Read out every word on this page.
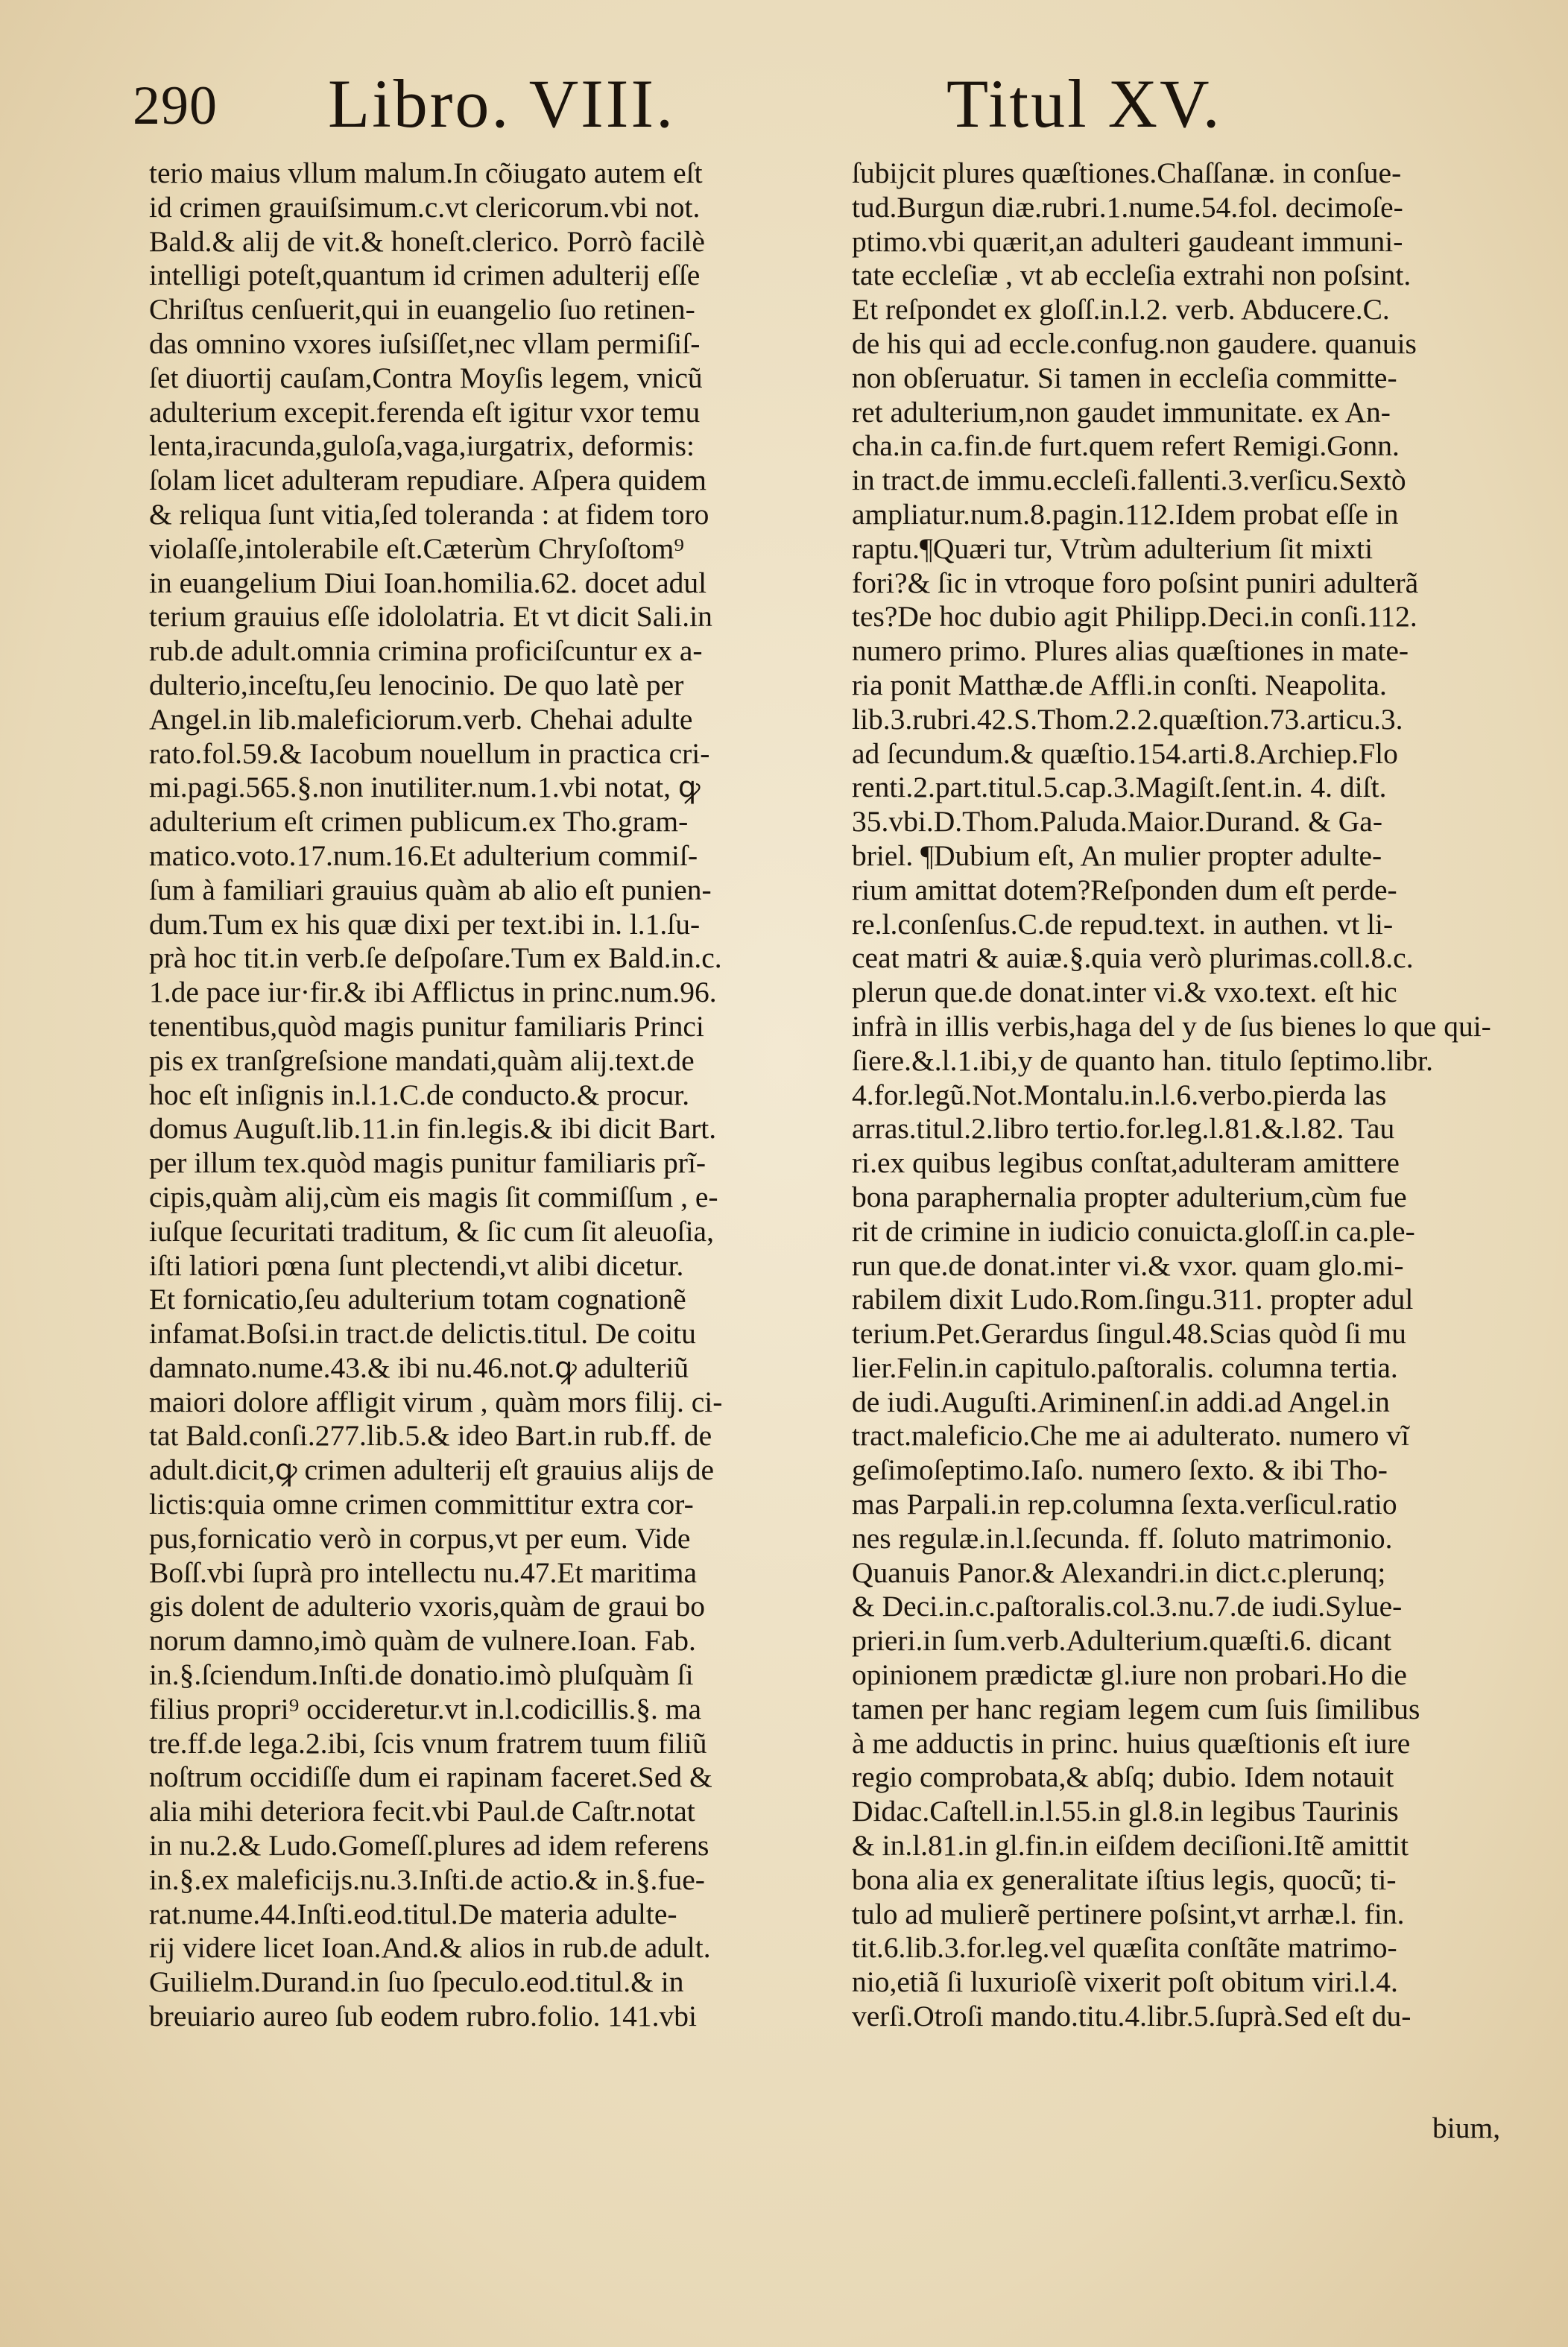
290 Libro. VIII.	Titul XV.
terio maius vllum malum.In cõiugato autem eſt
id crimen grauiſsimum.c.vt clericorum.vbi not.
Bald.& alij de vit.& honeſt.clerico. Porrò facilè
intelligi poteſt,quantum id crimen adulterij eſſe
Chriſtus cenſuerit,qui in euangelio ſuo retinen-
das omnino vxores iuſsiſſet,nec vllam permiſiſ-
ſet diuortij cauſam,Contra Moyſis legem, vnicũ
adulterium excepit.ferenda eſt igitur vxor temu
lenta,iracunda,guloſa,vaga,iurgatrix, deformis:
ſolam licet adulteram repudiare. Aſpera quidem
& reliqua ſunt vitia,ſed toleranda : at fidem toro
violaſſe,intolerabile eſt.Cæterùm Chryſoſtom⁹
in euangelium Diui Ioan.homilia.62. docet adul
terium grauius eſſe idololatria. Et vt dicit Sali.in
rub.de adult.omnia crimina proficiſcuntur ex a-
dulterio,inceſtu,ſeu lenocinio. De quo latè per
Angel.in lib.maleficiorum.verb. Chehai adulte
rato.fol.59.& Iacobum nouellum in practica cri-
mi.pagi.565.§.non inutiliter.num.1.vbi notat, ꝙ
adulterium eſt crimen publicum.ex Tho.gram-
matico.voto.17.num.16.Et adulterium commiſ-
ſum à familiari grauius quàm ab alio eſt punien-
dum.Tum ex his quæ dixi per text.ibi in. l.1.ſu-
prà hoc tit.in verb.ſe deſpoſare.Tum ex Bald.in.c.
1.de pace iur·fir.& ibi Afflictus in princ.num.96.
tenentibus,quòd magis punitur familiaris Princi
pis ex tranſgreſsione mandati,quàm alij.text.de
hoc eſt inſignis in.l.1.C.de conducto.& procur.
domus Auguſt.lib.11.in fin.legis.& ibi dicit Bart.
per illum tex.quòd magis punitur familiaris prĩ-
cipis,quàm alij,cùm eis magis ſit commiſſum , e-
iuſque ſecuritati traditum, & ſic cum ſit aleuoſia,
iſti latiori pœna ſunt plectendi,vt alibi dicetur.
Et fornicatio,ſeu adulterium totam cognationẽ
infamat.Boſsi.in tract.de delictis.titul. De coitu
damnato.nume.43.& ibi nu.46.not.ꝙ adulteriũ
maiori dolore affligit virum , quàm mors filij. ci-
tat Bald.conſi.277.lib.5.& ideo Bart.in rub.ff. de
adult.dicit,ꝙ crimen adulterij eſt grauius alijs de
lictis:quia omne crimen committitur extra cor-
pus,fornicatio verò in corpus,vt per eum. Vide
Boſſ.vbi ſuprà pro intellectu nu.47.Et maritima
gis dolent de adulterio vxoris,quàm de graui bo
norum damno,imò quàm de vulnere.Ioan. Fab.
in.§.ſciendum.Inſti.de donatio.imò pluſquàm ſi
filius propri⁹ occideretur.vt in.l.codicillis.§. ma
tre.ff.de lega.2.ibi, ſcis vnum fratrem tuum filiũ
noſtrum occidiſſe dum ei rapinam faceret.Sed &
alia mihi deteriora fecit.vbi Paul.de Caſtr.notat
in nu.2.& Ludo.Gomeſſ.plures ad idem referens
in.§.ex maleficijs.nu.3.Inſti.de actio.& in.§.fue-
rat.nume.44.Inſti.eod.titul.De materia adulte-
rij videre licet Ioan.And.& alios in rub.de adult.
Guilielm.Durand.in ſuo ſpeculo.eod.titul.& in
breuiario aureo ſub eodem rubro.folio. 141.vbi
ſubijcit plures quæſtiones.Chaſſanæ. in conſue-
tud.Burgun diæ.rubri.1.nume.54.fol. decimoſe-
ptimo.vbi quærit,an adulteri gaudeant immuni-
tate eccleſiæ , vt ab eccleſia extrahi non poſsint.
Et reſpondet ex gloſſ.in.l.2. verb. Abducere.C.
de his qui ad eccle.confug.non gaudere. quanuis
non obſeruatur. Si tamen in eccleſia committe-
ret adulterium,non gaudet immunitate. ex An-
cha.in ca.fin.de furt.quem refert Remigi.Gonn.
in tract.de immu.eccleſi.fallenti.3.verſicu.Sextò
ampliatur.num.8.pagin.112.Idem probat eſſe in
raptu.¶Quæri tur, Vtrùm adulterium ſit mixti
fori?& ſic in vtroque foro poſsint puniri adulterã
tes?De hoc dubio agit Philipp.Deci.in conſi.112.
numero primo. Plures alias quæſtiones in mate-
ria ponit Matthæ.de Affli.in conſti. Neapolita.
lib.3.rubri.42.S.Thom.2.2.quæſtion.73.articu.3.
ad ſecundum.& quæſtio.154.arti.8.Archiep.Flo
renti.2.part.titul.5.cap.3.Magiſt.ſent.in. 4. diſt.
35.vbi.D.Thom.Paluda.Maior.Durand. & Ga-
briel. ¶Dubium eſt, An mulier propter adulte-
rium amittat dotem?Reſponden dum eſt perde-
re.l.conſenſus.C.de repud.text. in authen. vt li-
ceat matri & auiæ.§.quia verò plurimas.coll.8.c.
plerun que.de donat.inter vi.& vxo.text. eſt hic
infrà in illis verbis,haga del y de ſus bienes lo que qui-
ſiere.&.l.1.ibi,y de quanto han. titulo ſeptimo.libr.
4.for.legũ.Not.Montalu.in.l.6.verbo.pierda las
arras.titul.2.libro tertio.for.leg.l.81.&.l.82. Tau
ri.ex quibus legibus conſtat,adulteram amittere
bona paraphernalia propter adulterium,cùm fue
rit de crimine in iudicio conuicta.gloſſ.in ca.ple-
run que.de donat.inter vi.& vxor. quam glo.mi-
rabilem dixit Ludo.Rom.ſingu.311. propter adul
terium.Pet.Gerardus ſingul.48.Scias quòd ſi mu
lier.Felin.in capitulo.paſtoralis. columna tertia.
de iudi.Auguſti.Ariminenſ.in addi.ad Angel.in
tract.maleficio.Che me ai adulterato. numero vĩ
geſimoſeptimo.Iaſo. numero ſexto. & ibi Tho-
mas Parpali.in rep.columna ſexta.verſicul.ratio
nes regulæ.in.l.ſecunda. ff. ſoluto matrimonio.
Quanuis Panor.& Alexandri.in dict.c.plerunq;
& Deci.in.c.paſtoralis.col.3.nu.7.de iudi.Sylue-
prieri.in ſum.verb.Adulterium.quæſti.6. dicant
opinionem prædictæ gl.iure non probari.Ho die
tamen per hanc regiam legem cum ſuis ſimilibus
à me adductis in princ. huius quæſtionis eſt iure
regio comprobata,& abſq; dubio. Idem notauit
Didac.Caſtell.in.l.55.in gl.8.in legibus Taurinis
& in.l.81.in gl.fin.in eiſdem deciſioni.Itẽ amittit
bona alia ex generalitate iſtius legis, quocũ; ti-
tulo ad mulierẽ pertinere poſsint,vt arrhæ.l. fin.
tit.6.lib.3.for.leg.vel quæſita conſtãte matrimo-
nio,etiã ſi luxurioſè vixerit poſt obitum viri.l.4.
verſi.Otroſi mando.titu.4.libr.5.ſuprà.Sed eſt du-
bium,
